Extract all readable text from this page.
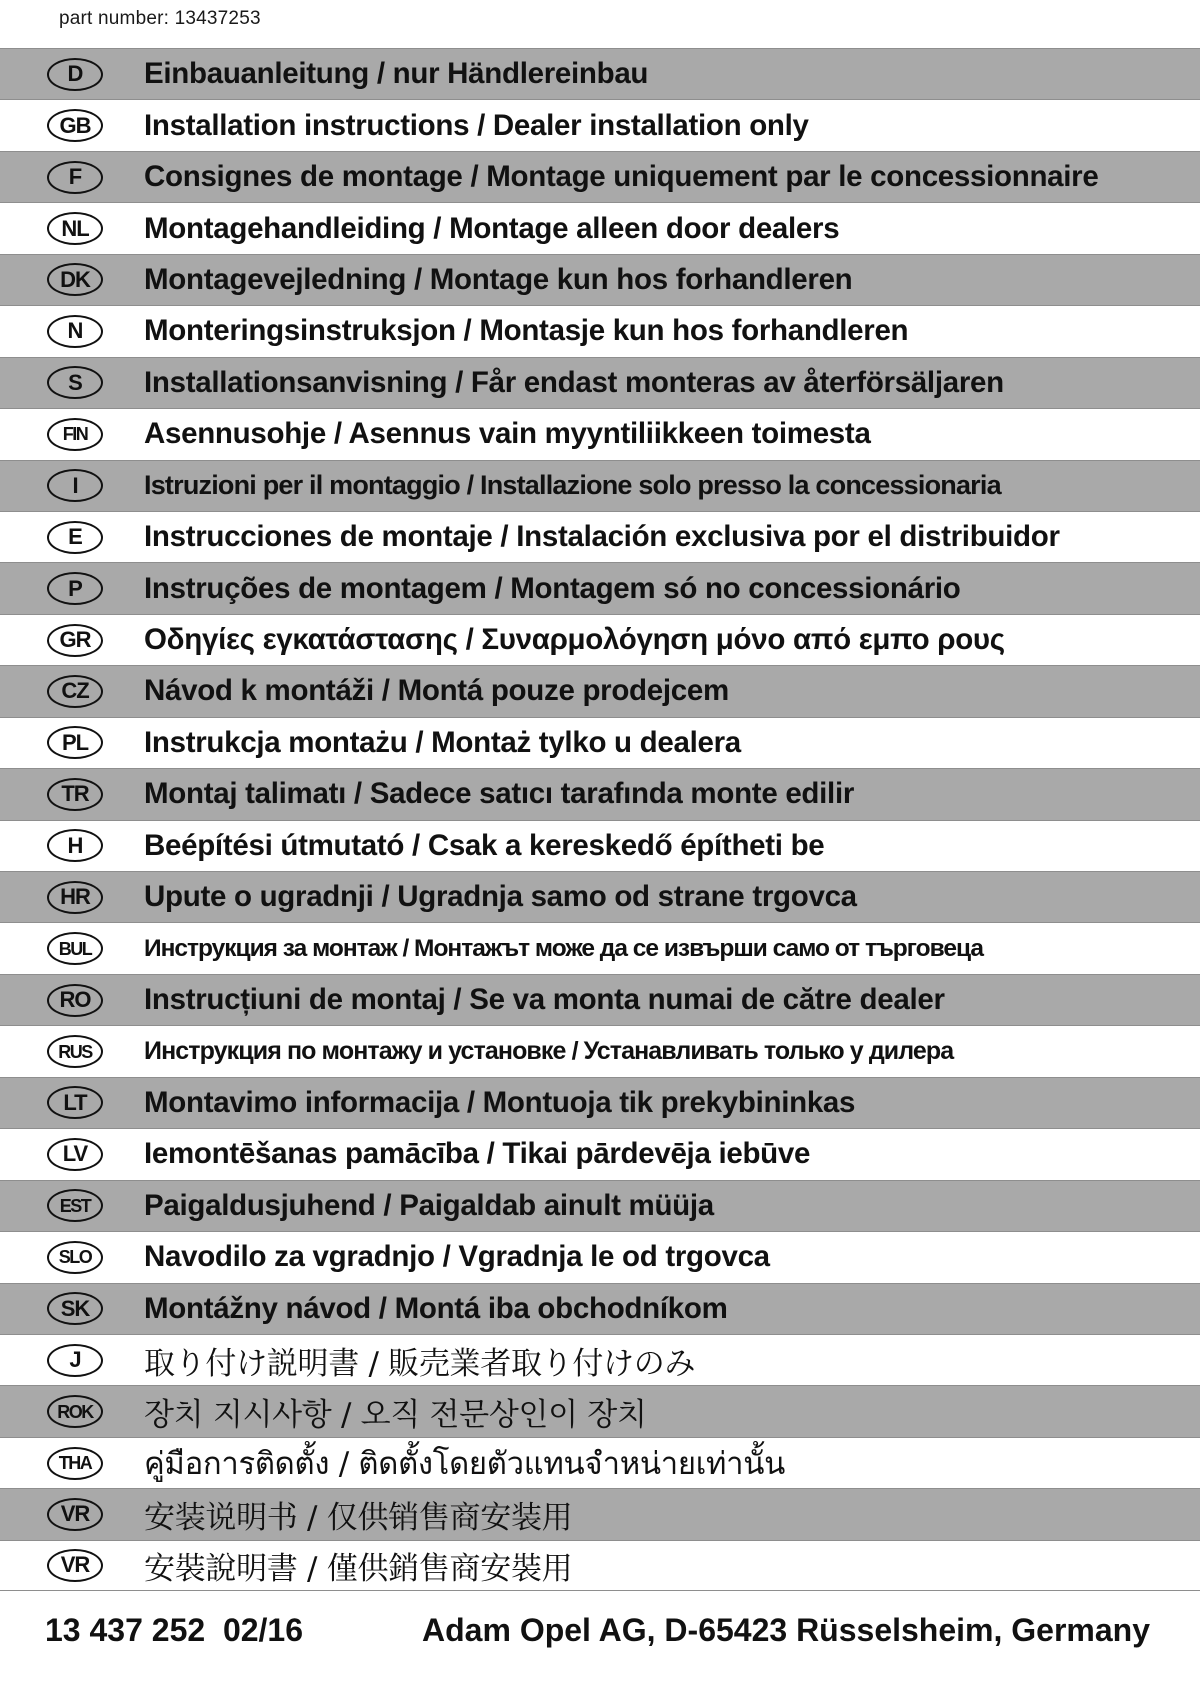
part number: 13437253
D	Einbauanleitung / nur Händlereinbau
GB	Installation instructions / Dealer installation only
F	Consignes de montage / Montage uniquement par le concessionnaire
NL	Montagehandleiding / Montage alleen door dealers
DK	Montagevejledning / Montage kun hos forhandleren
N	Monteringsinstruksjon / Montasje kun hos forhandleren
S	Installationsanvisning / Får endast monteras av återförsäljaren
FIN	Asennusohje / Asennus vain myyntiliikkeen toimesta
I	Istruzioni per il montaggio / Installazione solo presso la concessionaria
E	Instrucciones de montaje / Instalación exclusiva por el distribuidor
P	Instruções de montagem / Montagem só no concessionário
GR	Οδηγίες εγκατάστασης / Συναρμολόγηση μόνο από εμπο ρους
CZ	Návod k montáži / Montá pouze prodejcem
PL	Instrukcja montażu / Montaż tylko u dealera
TR	Montaj talimatı / Sadece satıcı tarafında monte edilir
H	Beépítési útmutató / Csak a kereskedő építheti be
HR	Upute o ugradnji / Ugradnja samo od strane trgovca
BUL	Инструкция за монтаж / Монтажът може да се извърши само от търговеца
RO	Instrucțiuni de montaj / Se va monta numai de către dealer
RUS	Инструкция по монтажу и установке / Устанавливать только у дилера
LT	Montavimo informacija / Montuoja tik prekybininkas
LV	Iemontēšanas pamācība / Tikai pārdevēja iebūve
EST	Paigaldusjuhend / Paigaldab ainult müüja
SLO	Navodilo za vgradnjo / Vgradnja le od trgovca
SK	Montážny návod / Montá iba obchodníkom
J	取り付け説明書 / 販売業者取り付けのみ
ROK	장치 지시사항 / 오직 전문상인이 장치
THA	คู่มือการติดตั้ง / ติดตั้งโดยตัวแทนจำหน่ายเท่านั้น
VR	安装说明书 / 仅供销售商安装用
VR	安裝說明書 / 僅供銷售商安裝用
13 437 252  02/16	Adam Opel AG, D-65423 Rüsselsheim, Germany
